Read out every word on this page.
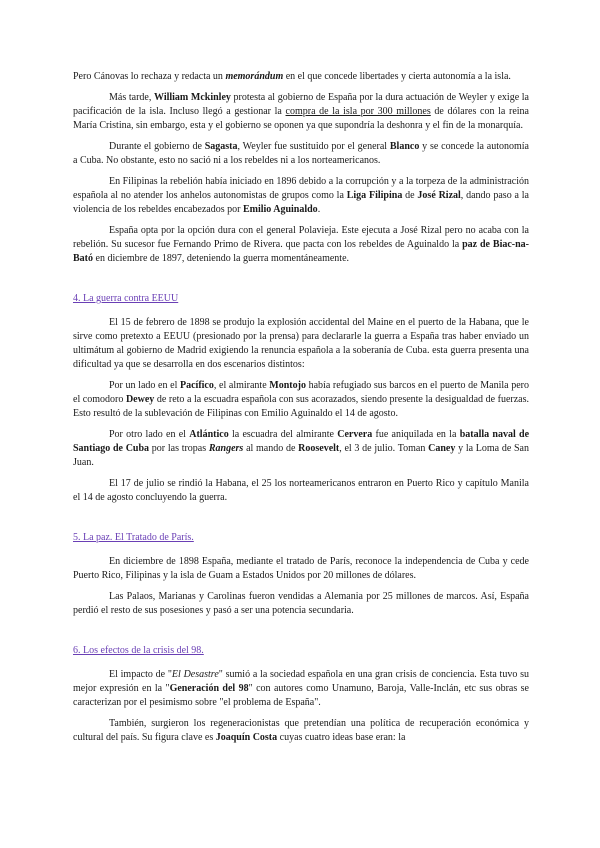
Pero Cánovas lo rechaza y redacta un memorándum en el que concede libertades y cierta autonomía a la isla.

Más tarde, William Mckinley protesta al gobierno de España por la dura actuación de Weyler y exige la pacificación de la isla. Incluso llegó a gestionar la compra de la isla por 300 millones de dólares con la reina María Cristina, sin embargo, esta y el gobierno se oponen ya que supondría la deshonra y el fin de la monarquía.

Durante el gobierno de Sagasta, Weyler fue sustituido por el general Blanco y se concede la autonomía a Cuba. No obstante, esto no sació ni a los rebeldes ni a los norteamericanos.

En Filipinas la rebelión había iniciado en 1896 debido a la corrupción y a la torpeza de la administración española al no atender los anhelos autonomistas de grupos como la Liga Filipina de José Rizal, dando paso a la violencia de los rebeldes encabezados por Emilio Aguinaldo.

España opta por la opción dura con el general Polavieja. Este ejecuta a José Rizal pero no acaba con la rebelión. Su sucesor fue Fernando Primo de Rivera. que pacta con los rebeldes de Aguinaldo la paz de Biac-na-Bató en diciembre de 1897, deteniendo la guerra momentáneamente.

4. La guerra contra EEUU

El 15 de febrero de 1898 se produjo la explosión accidental del Maine en el puerto de la Habana, que le sirve como pretexto a EEUU (presionado por la prensa) para declararle la guerra a España tras haber enviado un ultimátum al gobierno de Madrid exigiendo la renuncia española a la soberanía de Cuba. esta guerra presenta una dificultad ya que se desarrolla en dos escenarios distintos:

Por un lado en el Pacífico, el almirante Montojo había refugiado sus barcos en el puerto de Manila pero el comodoro Dewey de reto a la escuadra española con sus acorazados, siendo presente la desigualdad de fuerzas. Esto resultó de la sublevación de Filipinas con Emilio Aguinaldo el 14 de agosto.

Por otro lado en el Atlántico la escuadra del almirante Cervera fue aniquilada en la batalla naval de Santiago de Cuba por las tropas Rangers al mando de Roosevelt, el 3 de julio. Toman Caney y la Loma de San Juan.

El 17 de julio se rindió la Habana, el 25 los norteamericanos entraron en Puerto Rico y capítulo Manila el 14 de agosto concluyendo la guerra.

5. La paz. El Tratado de París.

En diciembre de 1898 España, mediante el tratado de París, reconoce la independencia de Cuba y cede Puerto Rico, Filipinas y la isla de Guam a Estados Unidos por 20 millones de dólares.

Las Palaos, Marianas y Carolinas fueron vendidas a Alemania por 25 millones de marcos. Así, España perdió el resto de sus posesiones y pasó a ser una potencia secundaria.

6. Los efectos de la crisis del 98.

El impacto de "El Desastre" sumió a la sociedad española en una gran crisis de conciencia. Esta tuvo su mejor expresión en la "Generación del 98" con autores como Unamuno, Baroja, Valle-Inclán, etc sus obras se caracterizan por el pesimismo sobre "el problema de España".

También, surgieron los regeneracionistas que pretendían una política de recuperación económica y cultural del país. Su figura clave es Joaquín Costa cuyas cuatro ideas base eran: la
